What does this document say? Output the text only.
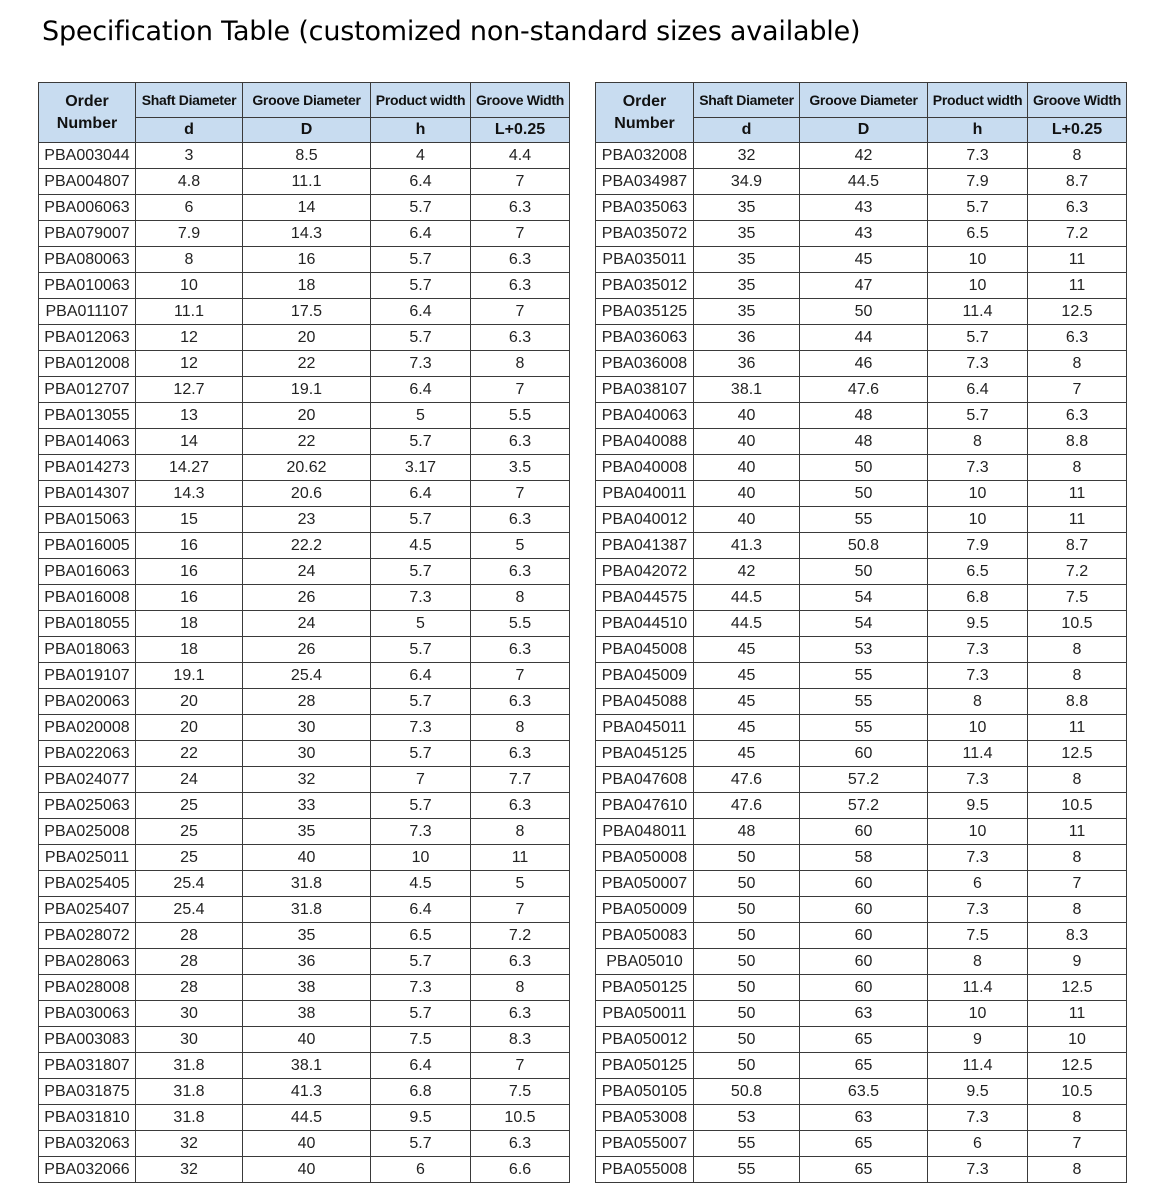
Specification Table (customized non-standard sizes available)
Order
Number	Shaft Diameter	Groove Diameter	Product width	Groove Width
	d	D	h	L+0.25
PBA003044	3	8.5	4	4.4
PBA004807	4.8	11.1	6.4	7
PBA006063	6	14	5.7	6.3
PBA079007	7.9	14.3	6.4	7
PBA080063	8	16	5.7	6.3
PBA010063	10	18	5.7	6.3
PBA011107	11.1	17.5	6.4	7
PBA012063	12	20	5.7	6.3
PBA012008	12	22	7.3	8
PBA012707	12.7	19.1	6.4	7
PBA013055	13	20	5	5.5
PBA014063	14	22	5.7	6.3
PBA014273	14.27	20.62	3.17	3.5
PBA014307	14.3	20.6	6.4	7
PBA015063	15	23	5.7	6.3
PBA016005	16	22.2	4.5	5
PBA016063	16	24	5.7	6.3
PBA016008	16	26	7.3	8
PBA018055	18	24	5	5.5
PBA018063	18	26	5.7	6.3
PBA019107	19.1	25.4	6.4	7
PBA020063	20	28	5.7	6.3
PBA020008	20	30	7.3	8
PBA022063	22	30	5.7	6.3
PBA024077	24	32	7	7.7
PBA025063	25	33	5.7	6.3
PBA025008	25	35	7.3	8
PBA025011	25	40	10	11
PBA025405	25.4	31.8	4.5	5
PBA025407	25.4	31.8	6.4	7
PBA028072	28	35	6.5	7.2
PBA028063	28	36	5.7	6.3
PBA028008	28	38	7.3	8
PBA030063	30	38	5.7	6.3
PBA003083	30	40	7.5	8.3
PBA031807	31.8	38.1	6.4	7
PBA031875	31.8	41.3	6.8	7.5
PBA031810	31.8	44.5	9.5	10.5
PBA032063	32	40	5.7	6.3
PBA032066	32	40	6	6.6
Order
Number	Shaft Diameter	Groove Diameter	Product width	Groove Width
	d	D	h	L+0.25
PBA032008	32	42	7.3	8
PBA034987	34.9	44.5	7.9	8.7
PBA035063	35	43	5.7	6.3
PBA035072	35	43	6.5	7.2
PBA035011	35	45	10	11
PBA035012	35	47	10	11
PBA035125	35	50	11.4	12.5
PBA036063	36	44	5.7	6.3
PBA036008	36	46	7.3	8
PBA038107	38.1	47.6	6.4	7
PBA040063	40	48	5.7	6.3
PBA040088	40	48	8	8.8
PBA040008	40	50	7.3	8
PBA040011	40	50	10	11
PBA040012	40	55	10	11
PBA041387	41.3	50.8	7.9	8.7
PBA042072	42	50	6.5	7.2
PBA044575	44.5	54	6.8	7.5
PBA044510	44.5	54	9.5	10.5
PBA045008	45	53	7.3	8
PBA045009	45	55	7.3	8
PBA045088	45	55	8	8.8
PBA045011	45	55	10	11
PBA045125	45	60	11.4	12.5
PBA047608	47.6	57.2	7.3	8
PBA047610	47.6	57.2	9.5	10.5
PBA048011	48	60	10	11
PBA050008	50	58	7.3	8
PBA050007	50	60	6	7
PBA050009	50	60	7.3	8
PBA050083	50	60	7.5	8.3
PBA05010	50	60	8	9
PBA050125	50	60	11.4	12.5
PBA050011	50	63	10	11
PBA050012	50	65	9	10
PBA050125	50	65	11.4	12.5
PBA050105	50.8	63.5	9.5	10.5
PBA053008	53	63	7.3	8
PBA055007	55	65	6	7
PBA055008	55	65	7.3	8
